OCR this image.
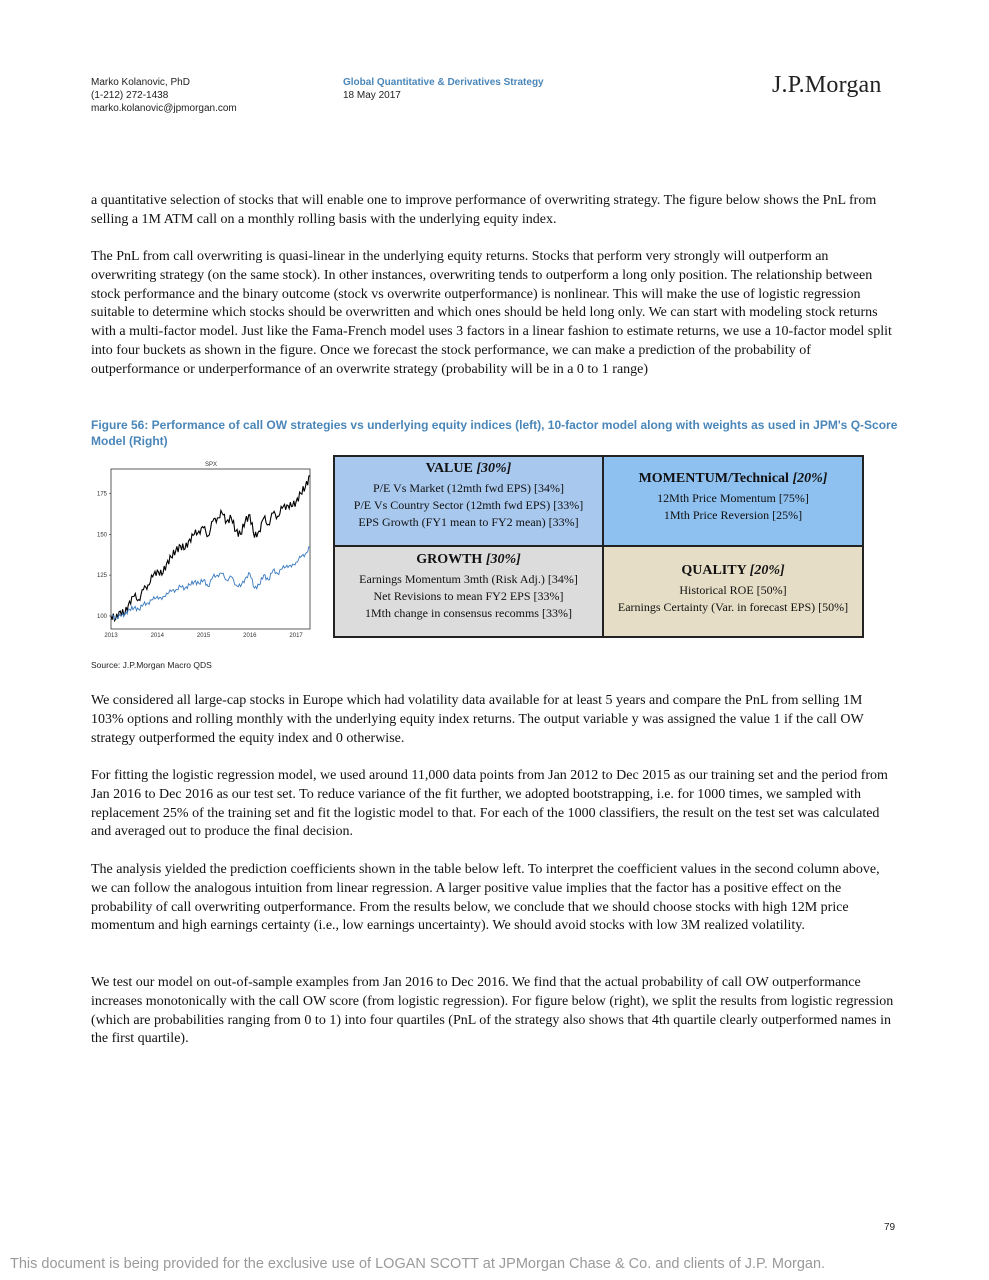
Marko Kolanovic, PhD
(1-212) 272-1438
marko.kolanovic@jpmorgan.com
Global Quantitative & Derivatives Strategy
18 May 2017	J.P.Morgan

a quantitative selection of stocks that will enable one to improve performance of overwriting strategy. The figure below shows the PnL from selling a 1M ATM call on a monthly rolling basis with the underlying equity index.

The PnL from call overwriting is quasi-linear in the underlying equity returns. Stocks that perform very strongly will outperform an overwriting strategy (on the same stock). In other instances, overwriting tends to outperform a long only position. The relationship between stock performance and the binary outcome (stock vs overwrite outperformance) is nonlinear. This will make the use of logistic regression suitable to determine which stocks should be overwritten and which ones should be held long only. We can start with modeling stock returns with a multi-factor model. Just like the Fama-French model uses 3 factors in a linear fashion to estimate returns, we use a 10-factor model split into four buckets as shown in the figure. Once we forecast the stock performance, we can make a prediction of the probability of outperformance or underperformance of an overwrite strategy (probability will be in a 0 to 1 range)

Figure 56: Performance of call OW strategies vs underlying equity indices (left), 10-factor model along with weights as used in JPM's Q-Score Model (Right)
SPX
100
125
150
175
2013	2014	2015	2016	2017
VALUE [30%]
P/E Vs Market (12mth fwd EPS) [34%]
P/E Vs Country Sector (12mth fwd EPS) [33%]
EPS Growth (FY1 mean to FY2 mean) [33%]
MOMENTUM/Technical [20%]
12Mth Price Momentum [75%]
1Mth Price Reversion [25%]
GROWTH [30%]
Earnings Momentum 3mth (Risk Adj.) [34%]
Net Revisions to mean FY2 EPS [33%]
1Mth change in consensus recomms [33%]
QUALITY [20%]
Historical ROE [50%]
Earnings Certainty (Var. in forecast EPS) [50%]
Source: J.P.Morgan Macro QDS

We considered all large-cap stocks in Europe which had volatility data available for at least 5 years and compare the PnL from selling 1M 103% options and rolling monthly with the underlying equity index returns. The output variable y was assigned the value 1 if the call OW strategy outperformed the equity index and 0 otherwise.

For fitting the logistic regression model, we used around 11,000 data points from Jan 2012 to Dec 2015 as our training set and the period from Jan 2016 to Dec 2016 as our test set. To reduce variance of the fit further, we adopted bootstrapping, i.e. for 1000 times, we sampled with replacement 25% of the training set and fit the logistic model to that. For each of the 1000 classifiers, the result on the test set was calculated and averaged out to produce the final decision.

The analysis yielded the prediction coefficients shown in the table below left. To interpret the coefficient values in the second column above, we can follow the analogous intuition from linear regression. A larger positive value implies that the factor has a positive effect on the probability of call overwriting outperformance. From the results below, we conclude that we should choose stocks with high 12M price momentum and high earnings certainty (i.e., low earnings uncertainty). We should avoid stocks with low 3M realized volatility.

We test our model on out-of-sample examples from Jan 2016 to Dec 2016. We find that the actual probability of call OW outperformance increases monotonically with the call OW score (from logistic regression). For figure below (right), we split the results from logistic regression (which are probabilities ranging from 0 to 1) into four quartiles (PnL of the strategy also shows that 4th quartile clearly outperformed names in the first quartile).

79
This document is being provided for the exclusive use of LOGAN SCOTT at JPMorgan Chase & Co. and clients of J.P. Morgan.
